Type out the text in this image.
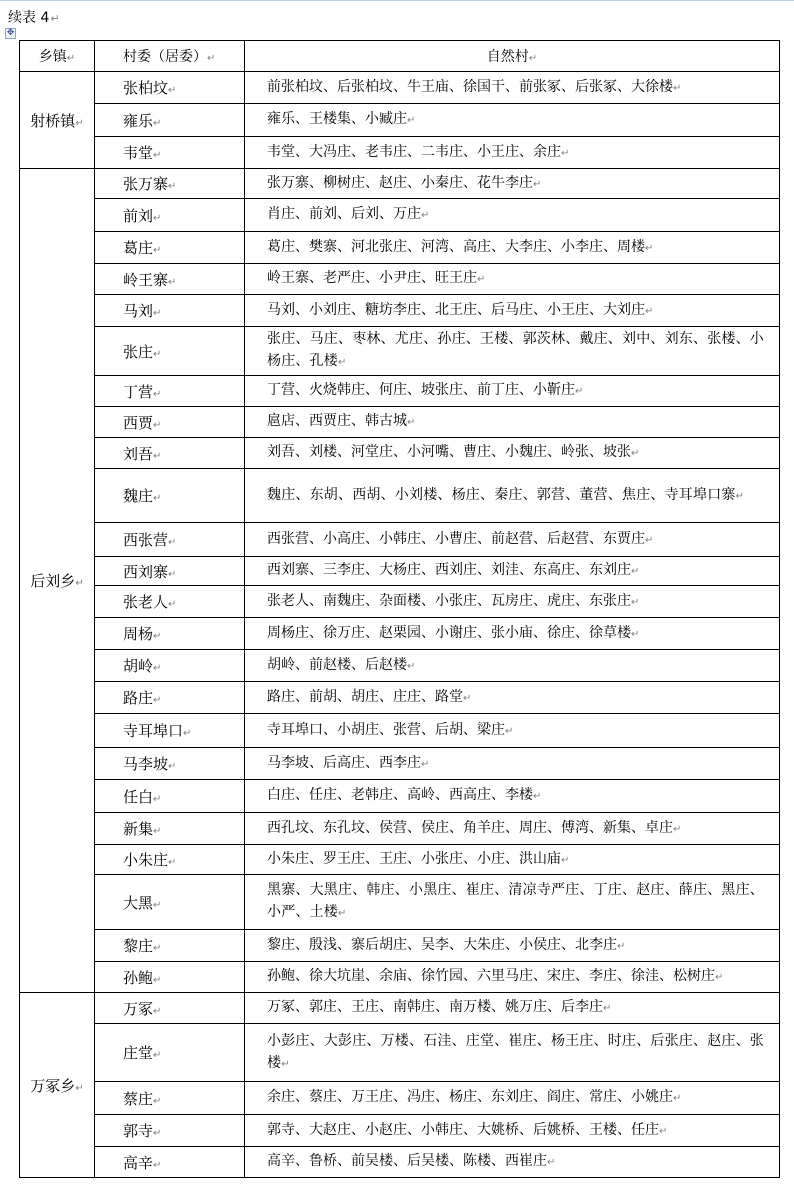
续表 4↵
✥
乡镇↵	村委（居委）↵	自然村↵
射桥镇↵	张柏坟↵	前张柏坟、后张柏坟、牛王庙、徐国干、前张冢、后张冢、大徐楼↵
	雍乐↵	雍乐、王楼集、小臧庄↵
	韦堂↵	韦堂、大冯庄、老韦庄、二韦庄、小王庄、余庄↵
后刘乡↵	张万寨↵	张万寨、柳树庄、赵庄、小秦庄、花牛李庄↵
	前刘↵	肖庄、前刘、后刘、万庄↵
	葛庄↵	葛庄、樊寨、河北张庄、河湾、高庄、大李庄、小李庄、周楼↵
	岭王寨↵	岭王寨、老严庄、小尹庄、旺王庄↵
	马刘↵	马刘、小刘庄、糖坊李庄、北王庄、后马庄、小王庄、大刘庄↵
	张庄↵	张庄、马庄、枣林、尤庄、孙庄、王楼、郭茨林、戴庄、刘中、刘东、张楼、小杨庄、孔楼↵
	丁营↵	丁营、火烧韩庄、何庄、坡张庄、前丁庄、小靳庄↵
	西贾↵	扈店、西贾庄、韩古城↵
	刘吾↵	刘吾、刘楼、河堂庄、小河嘴、曹庄、小魏庄、岭张、坡张↵
	魏庄↵	魏庄、东胡、西胡、小刘楼、杨庄、秦庄、郭营、董营、焦庄、寺耳埠口寨↵
	西张营↵	西张营、小高庄、小韩庄、小曹庄、前赵营、后赵营、东贾庄↵
	西刘寨↵	西刘寨、三李庄、大杨庄、西刘庄、刘洼、东高庄、东刘庄↵
	张老人↵	张老人、南魏庄、杂面楼、小张庄、瓦房庄、虎庄、东张庄↵
	周杨↵	周杨庄、徐万庄、赵栗园、小谢庄、张小庙、徐庄、徐草楼↵
	胡岭↵	胡岭、前赵楼、后赵楼↵
	路庄↵	路庄、前胡、胡庄、庄庄、路堂↵
	寺耳埠口↵	寺耳埠口、小胡庄、张营、后胡、梁庄↵
	马李坡↵	马李坡、后高庄、西李庄↵
	任白↵	白庄、任庄、老韩庄、高岭、西高庄、李楼↵
	新集↵	西孔坟、东孔坟、侯营、侯庄、角羊庄、周庄、傅湾、新集、卓庄↵
	小朱庄↵	小朱庄、罗王庄、王庄、小张庄、小庄、洪山庙↵
	大黑↵	黑寨、大黑庄、韩庄、小黑庄、崔庄、清凉寺严庄、丁庄、赵庄、薛庄、黑庄、小严、土楼↵
	黎庄↵	黎庄、殷浅、寨后胡庄、吴李、大朱庄、小侯庄、北李庄↵
	孙鲍↵	孙鲍、徐大坑崖、余庙、徐竹园、六里马庄、宋庄、李庄、徐洼、松树庄↵
万冢乡↵	万冢↵	万冢、郭庄、王庄、南韩庄、南万楼、姚万庄、后李庄↵
	庄堂↵	小彭庄、大彭庄、万楼、石洼、庄堂、崔庄、杨王庄、时庄、后张庄、赵庄、张楼↵
	蔡庄↵	余庄、蔡庄、万王庄、冯庄、杨庄、东刘庄、阎庄、常庄、小姚庄↵
	郭寺↵	郭寺、大赵庄、小赵庄、小韩庄、大姚桥、后姚桥、王楼、任庄↵
	高辛↵	高辛、鲁桥、前吴楼、后吴楼、陈楼、西崔庄↵
